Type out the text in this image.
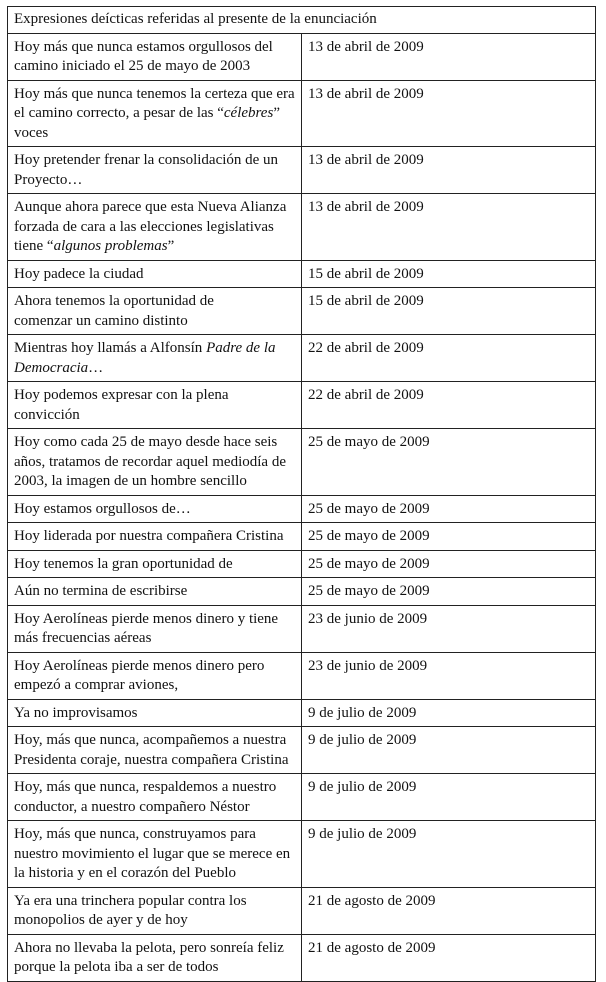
Expresiones deícticas referidas al presente de la enunciación	
Hoy más que nunca estamos orgullosos del camino iniciado el 25 de mayo de 2003	13 de abril de 2009
Hoy más que nunca tenemos la certeza que era el camino correcto, a pesar de las “célebres” voces	13 de abril de 2009
Hoy pretender frenar la consolidación de un Proyecto…	13 de abril de 2009
Aunque ahora parece que esta Nueva Alianza forzada de cara a las elecciones legislativas tiene “algunos problemas”	13 de abril de 2009
Hoy padece la ciudad	15 de abril de 2009
Ahora tenemos la oportunidad de
comenzar un camino distinto	15 de abril de 2009
Mientras hoy llamás a Alfonsín Padre de la Democracia…	22 de abril de 2009
Hoy podemos expresar con la plena convicción	22 de abril de 2009
Hoy como cada 25 de mayo desde hace seis años, tratamos de recordar aquel mediodía de 2003, la imagen de un hombre sencillo	25 de mayo de 2009
Hoy estamos orgullosos de…	25 de mayo de 2009
Hoy liderada por nuestra compañera Cristina	25 de mayo de 2009
Hoy tenemos la gran oportunidad de	25 de mayo de 2009
Aún no termina de escribirse	25 de mayo de 2009
Hoy Aerolíneas pierde menos dinero y tiene más frecuencias aéreas	23 de junio de 2009
Hoy Aerolíneas pierde menos dinero pero empezó a comprar aviones,	23 de junio de 2009
Ya no improvisamos	9 de julio de 2009
Hoy, más que nunca, acompañemos a nuestra Presidenta coraje, nuestra compañera Cristina	9 de julio de 2009
Hoy, más que nunca, respaldemos a nuestro conductor, a nuestro compañero Néstor	9 de julio de 2009
Hoy, más que nunca, construyamos para nuestro movimiento el lugar que se merece en la historia y en el corazón del Pueblo	9 de julio de 2009
Ya era una trinchera popular contra los monopolios de ayer y de hoy	21 de agosto de 2009
Ahora no llevaba la pelota, pero sonreía feliz porque la pelota iba a ser de todos	21 de agosto de 2009
